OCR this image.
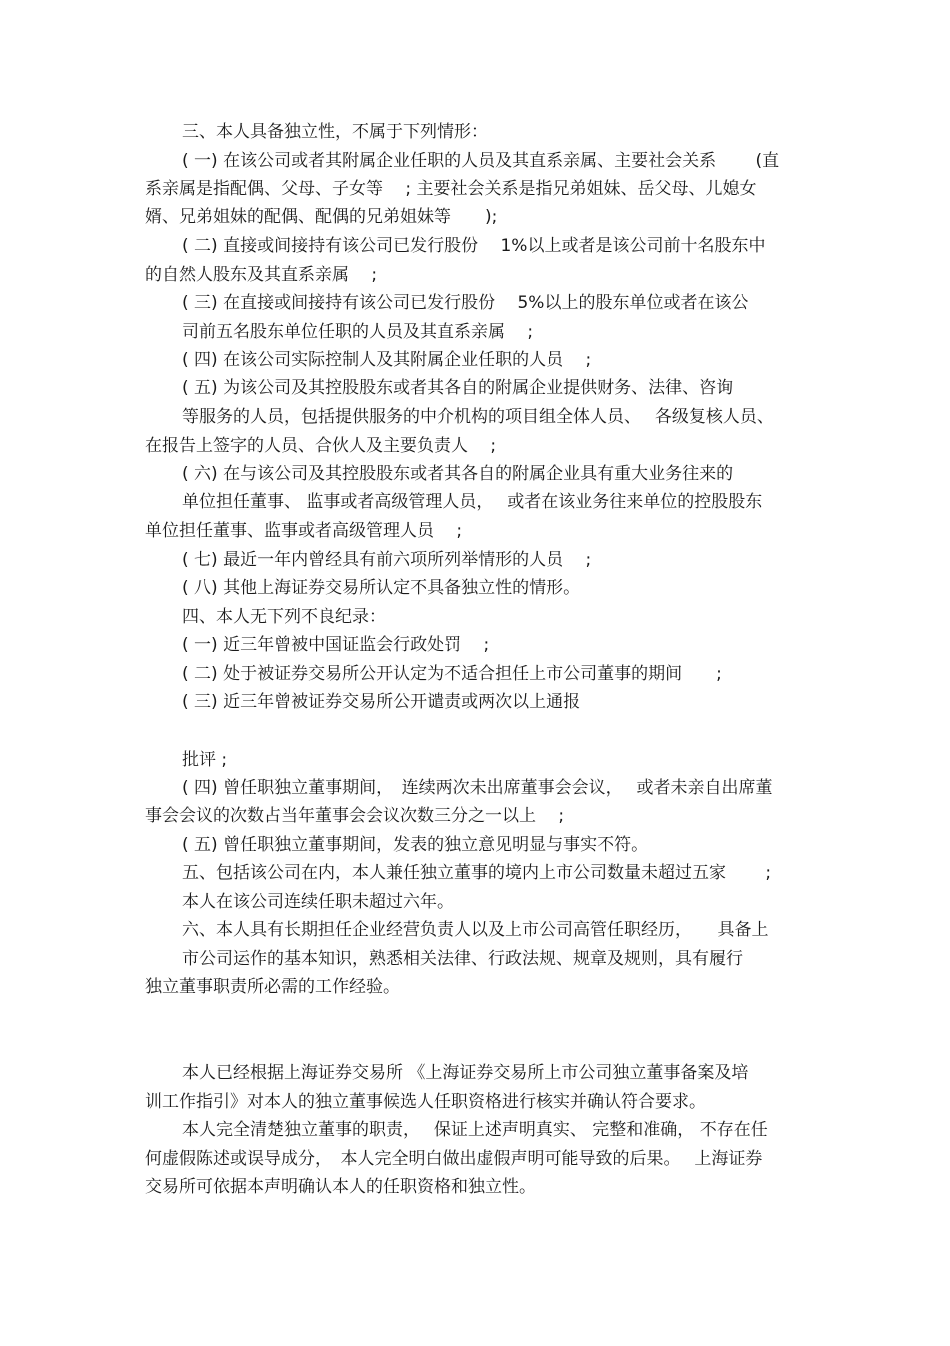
三、本人具备独立性，不属于下列情形：
( 一) 在该公司或者其附属企业任职的人员及其直系亲属、主要社会关系　　 (直
系亲属是指配偶、父母、子女等　 ; 主要社会关系是指兄弟姐妹、岳父母、儿媳女
婿、兄弟姐妹的配偶、配偶的兄弟姐妹等　　);
( 二) 直接或间接持有该公司已发行股份　 1%以上或者是该公司前十名股东中
的自然人股东及其直系亲属　 ;
( 三) 在直接或间接持有该公司已发行股份　 5%以上的股东单位或者在该公
司前五名股东单位任职的人员及其直系亲属　 ;
( 四) 在该公司实际控制人及其附属企业任职的人员　 ;
( 五) 为该公司及其控股股东或者其各自的附属企业提供财务、法律、咨询
等服务的人员，包括提供服务的中介机构的项目组全体人员、　 各级复核人员、
在报告上签字的人员、合伙人及主要负责人　 ;
( 六) 在与该公司及其控股股东或者其各自的附属企业具有重大业务往来的
单位担任董事、 监事或者高级管理人员，　 或者在该业务往来单位的控股股东
单位担任董事、监事或者高级管理人员　 ;
( 七) 最近一年内曾经具有前六项所列举情形的人员　 ;
( 八) 其他上海证券交易所认定不具备独立性的情形。
四、本人无下列不良纪录：
( 一) 近三年曾被中国证监会行政处罚　 ;
( 二) 处于被证券交易所公开认定为不适合担任上市公司董事的期间　　;
( 三) 近三年曾被证券交易所公开谴责或两次以上通报
批评 ;
( 四) 曾任职独立董事期间，　连续两次未出席董事会会议，　 或者未亲自出席董
事会会议的次数占当年董事会会议次数三分之一以上　 ;
( 五) 曾任职独立董事期间，发表的独立意见明显与事实不符。
五、包括该公司在内，本人兼任独立董事的境内上市公司数量未超过五家　　 ;
本人在该公司连续任职未超过六年。
六、本人具有长期担任企业经营负责人以及上市公司高管任职经历，　　具备上
市公司运作的基本知识，熟悉相关法律、行政法规、规章及规则，具有履行
独立董事职责所必需的工作经验。
本人已经根据上海证券交易所 《上海证券交易所上市公司独立董事备案及培
训工作指引》对本人的独立董事候选人任职资格进行核实并确认符合要求。
本人完全清楚独立董事的职责，　 保证上述声明真实、 完整和准确， 不存在任
何虚假陈述或误导成分，　本人完全明白做出虚假声明可能导致的后果。　 上海证券
交易所可依据本声明确认本人的任职资格和独立性。
